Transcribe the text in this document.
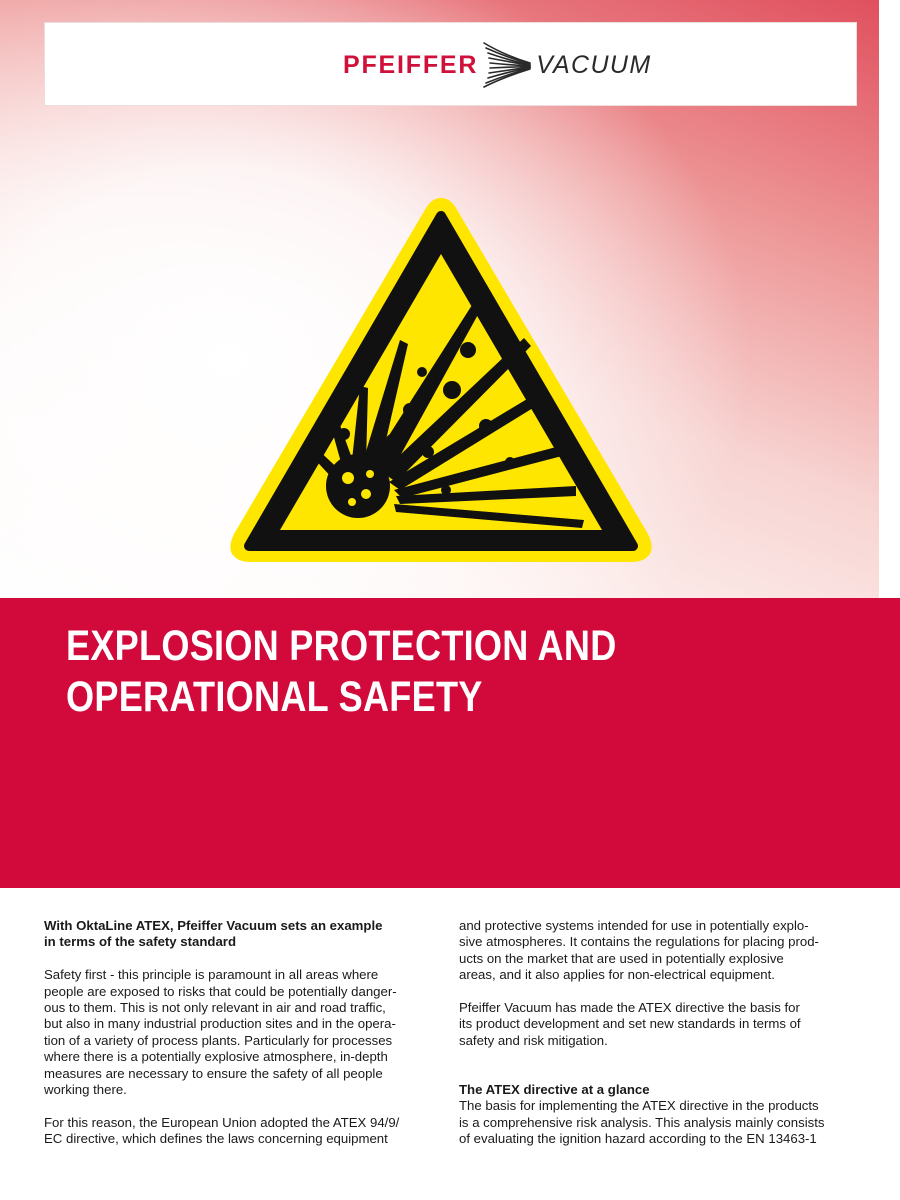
PFEIFFER VACUUM
EXPLOSION PROTECTION AND
OPERATIONAL SAFETY

With OktaLine ATEX, Pfeiffer Vacuum sets an example
in terms of the safety standard

Safety first - this principle is paramount in all areas where
people are exposed to risks that could be potentially danger-
ous to them. This is not only relevant in air and road traffic,
but also in many industrial production sites and in the opera-
tion of a variety of process plants. Particularly for processes
where there is a potentially explosive atmosphere, in-depth
measures are necessary to ensure the safety of all people
working there.

For this reason, the European Union adopted the ATEX 94/9/
EC directive, which defines the laws concerning equipment

and protective systems intended for use in potentially explo-
sive atmospheres. It contains the regulations for placing prod-
ucts on the market that are used in potentially explosive
areas, and it also applies for non-electrical equipment.

Pfeiffer Vacuum has made the ATEX directive the basis for
its product development and set new standards in terms of
safety and risk mitigation.

The ATEX directive at a glance
The basis for implementing the ATEX directive in the products
is a comprehensive risk analysis. This analysis mainly consists
of evaluating the ignition hazard according to the EN 13463-1
